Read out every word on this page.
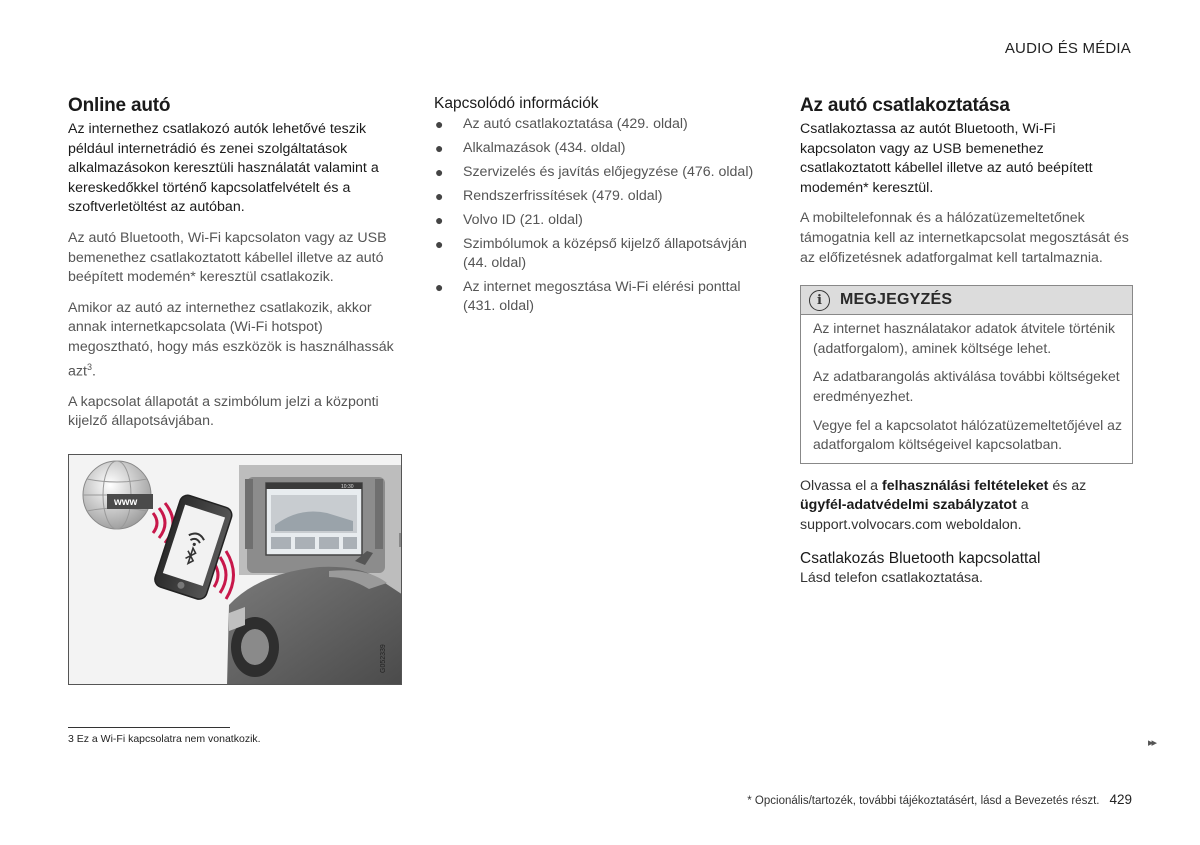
AUDIO ÉS MÉDIA
Online autó

Az internethez csatlakozó autók lehetővé teszik például internetrádió és zenei szolgáltatások alkalmazásokon keresztüli használatát valamint a kereskedőkkel történő kapcsolatfelvételt és a szoftverletöltést az autóban.

Az autó Bluetooth, Wi-Fi kapcsolaton vagy az USB bemenethez csatlakoztatott kábellel illetve az autó beépített modemén* keresztül csatlakozik.

Amikor az autó az internethez csatlakozik, akkor annak internetkapcsolata (Wi-Fi hotspot) megosztható, hogy más eszközök is használhassák azt$^3$.

A kapcsolat állapotát a szimbólum jelzi a központi kijelző állapotsávjában.

10:30
www
G052339
Kapcsolódó információk
● Az autó csatlakoztatása (429. oldal)
● Alkalmazások (434. oldal)
● Szervizelés és javítás előjegyzése (476. oldal)
● Rendszerfrissítések (479. oldal)
● Volvo ID (21. oldal)
● Szimbólumok a középső kijelző állapotsávján (44. oldal)
● Az internet megosztása Wi-Fi elérési ponttal (431. oldal)
Az autó csatlakoztatása

Csatlakoztassa az autót Bluetooth, Wi-Fi kapcsolaton vagy az USB bemenethez csatlakoztatott kábellel illetve az autó beépített modemén* keresztül.

A mobiltelefonnak és a hálózatüzemeltetőnek támogatnia kell az internetkapcsolat megosztását és az előfizetésnek adatforgalmat kell tartalmaznia.

i	MEGJEGYZÉS

Az internet használatakor adatok átvitele történik (adatforgalom), aminek költsége lehet.

Az adatbarangolás aktiválása további költségeket eredményezhet.

Vegye fel a kapcsolatot hálózatüzemeltetőjével az adatforgalom költségeivel kapcsolatban.

Olvassa el a felhasználási feltételeket és az ügyfél-adatvédelmi szabályzatot a support.volvocars.com weboldalon.

Csatlakozás Bluetooth kapcsolattal

Lásd telefon csatlakoztatása.

3 Ez a Wi-Fi kapcsolatra nem vonatkozik.	▸▸
* Opcionális/tartozék, további tájékoztatásért, lásd a Bevezetés részt. 429
